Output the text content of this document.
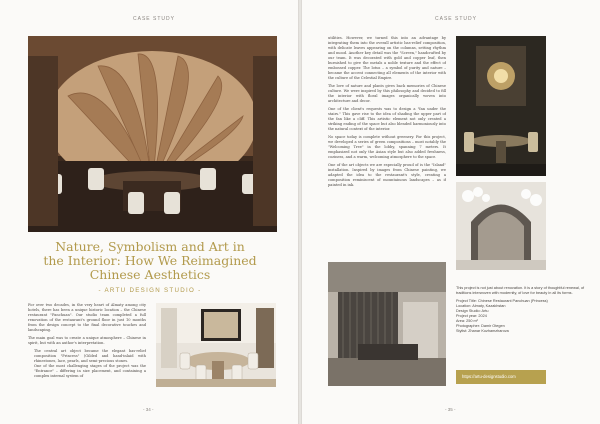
CASE STUDY
Nature, Symbolism and Art in
the Interior: How We Reimagined
Chinese Aesthetics
- ARTU DESIGN STUDIO -

For over two decades, in the very heart of Almaty among city hotels, there has been a unique historic location – the Chinese restaurant "Panchuan". Our studio team completed a full renovation of the restaurant's ground floor in just 10 months from the design concept to the final decorative touches and landscaping.

The main goal was to create a unique atmosphere – Chinese in spirit, but with an author's interpretation.

• The central art object became the elegant bas-relief composition "Princess" (Gilded and hand-inlaid with rhinestones, lace, pearls, and semi-precious stones.
• One of the most challenging stages of the project was the "Entrance" – differing in size placement, and containing a complex internal system of
- 34 -
CASE STUDY

utilities. However, we turned this into an advantage by integrating them into the overall artistic bas-relief composition, with delicate leaves appearing on the columns, setting rhythm and mood. Another key detail was the "Screen," handcrafted by our team. It was decorated with gold and copper leaf, then burnished to give the metals a noble texture and the effect of embossed copper. The lotus – a symbol of purity and nature – became the accent connecting all elements of the interior with the culture of the Celestial Empire.

The love of nature and plants gives back memories of Chinese culture. We were inspired by this philosophy and decided to fill the interior with floral images organically woven into architecture and decor.

One of the client's requests was to design a "fan under the stairs." This gave rise to the idea of shading the upper part of the fan like a cliff. This artistic element not only created a striking ending of the space but also blended harmoniously into the natural context of the interior.

No space today is complete without greenery. For this project, we developed a series of green compositions – most notably the "Welcoming Tree" in the lobby, spanning 7 meters. It emphasized not only the Asian style but also added freshness, coziness, and a warm, welcoming atmosphere to the space.

One of the art objects we are especially proud of is the "Island" installation. Inspired by images from Chinese painting, we adapted the idea to the restaurant's style, creating a composition reminiscent of mountainous landscapes – as if painted in ink.

This project is not just about renovation. It is a story of thoughtful renewal, of traditions interwoven with modernity, of love for beauty in all its forms.

Project Title: Chinese Restaurant Panchuan (Princess)
Location: Almaty, Kazakhstan
Design Studio: Artu
Project year: 2024
Area: 250 m²
Photographer: Damir Otegen
Stylist: Zhanar Kozhamzharova
- 35 -
https://artu-designstudio.com
